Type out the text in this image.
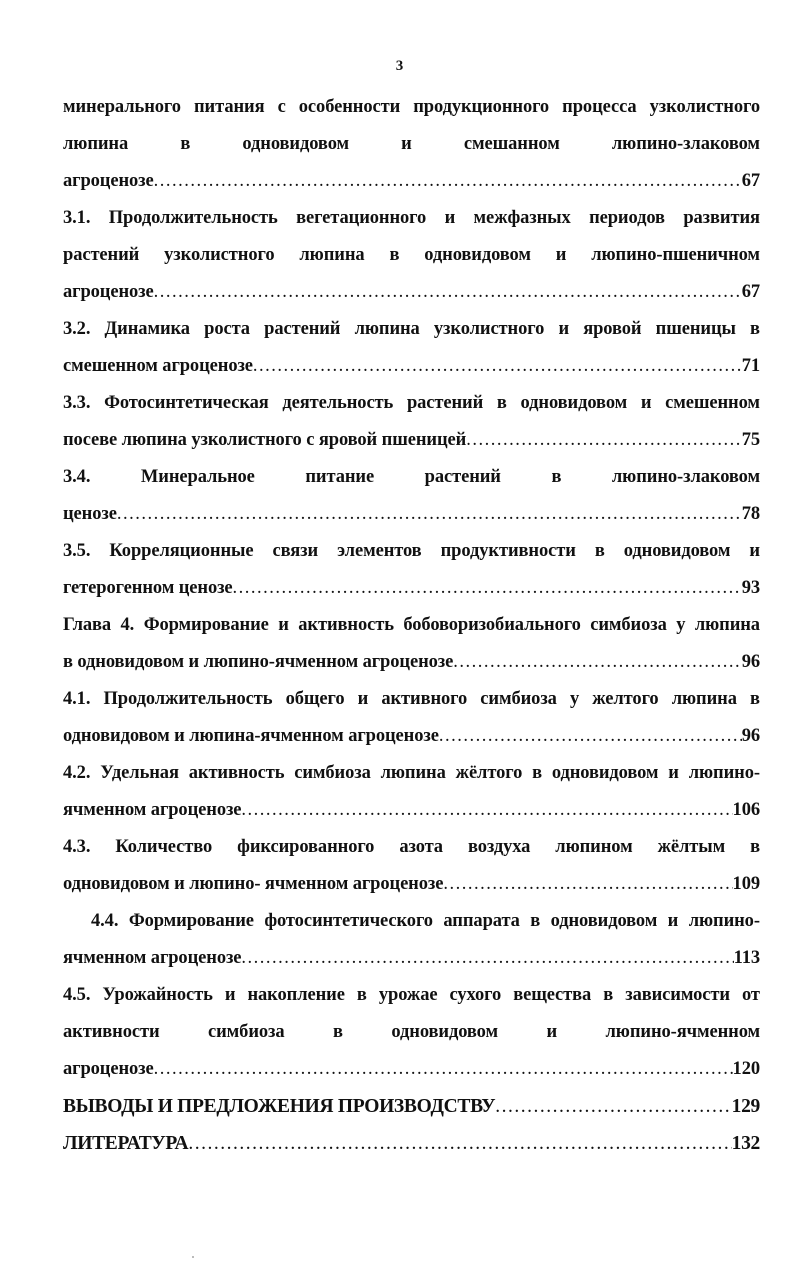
3
минерального питания с особенности продукционного процесса узколистного
люпина	в	одновидовом	и	смешанном	люпино-злаковом
агроценозе .....	67
3.1. Продолжительность вегетационного и межфазных периодов развития
растений узколистного люпина в одновидовом и люпино-пшеничном
агроценозе .....	67
3.2. Динамика роста растений люпина узколистного и яровой пшеницы в
смешенном агроценозе .....	71
3.3. Фотосинтетическая деятельность растений в одновидовом и смешенном
посеве люпина узколистного с яровой пшеницей .....	75
3.4.	Минеральное	питание	растений	в	люпино-злаковом
ценозе .....	78
3.5. Корреляционные связи элементов продуктивности в одновидовом и
гетерогенном ценозе .....	93
Глава 4. Формирование и активность бобоворизобиального симбиоза у люпина
в одновидовом и люпино-ячменном агроценозе .....	96
4.1. Продолжительность общего и активного симбиоза у желтого люпина в
одновидовом и люпина-ячменном агроценозе .....	96
4.2. Удельная активность симбиоза люпина жёлтого в одновидовом и люпино-
ячменном агроценозе .....	106
4.3. Количество фиксированного азота воздуха люпином жёлтым в
одновидовом и люпино- ячменном агроценозе .....	109
4.4. Формирование фотосинтетического аппарата в одновидовом и люпино-
ячменном агроценозе .....	113
4.5. Урожайность и накопление в урожае сухого вещества в зависимости от
активности	симбиоза	в	одновидовом	и	люпино-ячменном
агроценозе .....	120
ВЫВОДЫ И ПРЕДЛОЖЕНИЯ ПРОИЗВОДСТВУ .....	129
ЛИТЕРАТУРА .....	132
